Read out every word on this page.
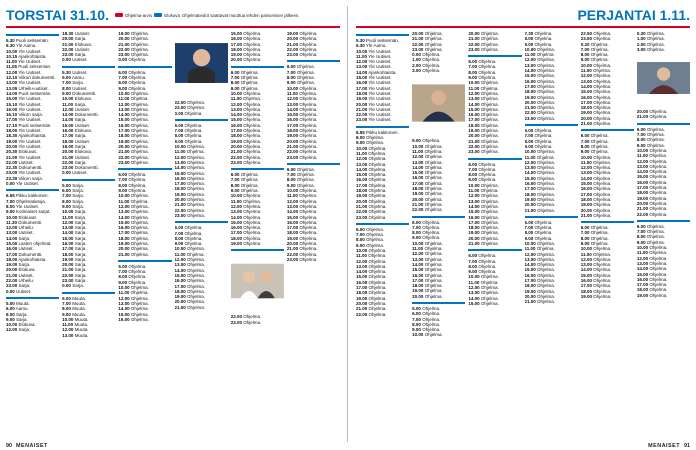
TORSTAI 31.10.	Ohjelma-arvio	Elokuva Ohjelmatiedot saattavat muuttua lehden painumisen jälkeen.
5.30 Puoli seitsemän.
6.30 Yle Aamu.
10.00 Yle Uutiset.
10.15 Ajankohtaista.
11.00 Yle Uutiset.
11.05 Puoli seitsemän.
12.00 Yle Uutiset.
12.10 Viikon dokumentti.
13.00 Yle Uutiset.
13.05 Urheilu-uutiset.
14.00 Puoli seitsemän.
15.00 Yle Uutiset.
15.10 Yle Uutiset.
16.00 Yle Uutiset.
16.10 Viikon sarja.
17.00 Yle Uutiset.
17.10 Puoli seitsemän.
18.00 Yle Uutiset.
18.30 Ajankohtaista.
19.00 Yle Uutiset.
20.00 Yle Uutiset.
20.30 Elokuvat.
21.00 Yle Uutiset.
22.00 Uutiset.
22.30 Dokumentti.
23.00 Yle Uutiset.
23.30 Viikon sarja.
0.00 Yle Uutiset.
6.55 Pikku kakkonen.
7.00 Ohjelmatietoja.
8.00 Yle Uutiset.
9.00 Kotimaiset sarjat.
10.00 Elokuvat.
11.30 Dokumentti.
12.00 Urheilu.
13.00 Uutiset.
14.00 Sarja.
15.00 Lasten ohjelmat.
16.00 Uutiset.
17.00 Dokumentti.
18.00 Ajankohtaista.
19.00 Sarja.
20.00 Elokuva.
21.00 Uutiset.
22.00 Urheilu.
23.00 Sarja.
0.00 Uutiset.
5.00 Muuta.
6.00 Aamu.
8.00 Sarja.
9.00 Sarja.
10.00 Elokuva.
12.00 Sarja.
18.30 Uutiset.
20.00 Sarja.
21.00 Elokuva.
22.00 Uutiset.
23.00 Sarja.
0.00 Uutiset.
5.30 Uutiset.
6.00 Aamu.
7.00 Sarja.
8.00 Uutiset.
9.00 Dokumentti.
10.00 Elokuva.
11.00 Sarja.
12.00 Uutiset.
13.00 Dokumentti.
14.00 Sarja.
15.00 Uutiset.
16.00 Elokuva.
17.00 Sarja.
18.00 Uutiset.
19.00 Sarja.
20.00 Elokuva.
21.00 Uutiset.
22.00 Sarja.
23.00 Dokumentti.
0.00 Uutiset.
5.00 Sarja.
6.00 Sarja.
7.00 Sarja.
8.00 Sarja.
9.00 Sarja.
10.00 Sarja.
11.00 Sarja.
12.00 Sarja.
13.00 Sarja.
14.00 Sarja.
15.00 Sarja.
16.00 Sarja.
17.00 Sarja.
18.00 Sarja.
19.00 Sarja.
20.00 Sarja.
21.00 Sarja.
22.00 Sarja.
23.00 Sarja.
0.00 Sarja.
6.00 Muuta.
7.00 Muuta.
8.00 Muuta.
9.00 Muuta.
10.00 Muuta.
11.00 Muuta.
12.00 Muuta.
13.00 Muuta.
19.00 Ohjelma.
20.00 Ohjelma.
21.00 Ohjelma.
22.00 Ohjelma.
23.00 Ohjelma.
0.00 Ohjelma.
6.00 Ohjelma.
7.00 Ohjelma.
8.00 Ohjelma.
9.00 Ohjelma.
10.00 Ohjelma.
11.00 Ohjelma.
12.00 Ohjelma.
13.00 Ohjelma.
14.00 Ohjelma.
15.00 Ohjelma.
16.00 Ohjelma.
17.00 Ohjelma.
18.00 Ohjelma.
19.00 Ohjelma.
20.00 Ohjelma.
21.00 Ohjelma.
22.00 Ohjelma.
23.00 Ohjelma.
6.00 Ohjelma.
7.00 Ohjelma.
8.00 Ohjelma.
9.00 Ohjelma.
10.00 Ohjelma.
11.00 Ohjelma.
12.00 Ohjelma.
13.00 Ohjelma.
14.00 Ohjelma.
15.00 Ohjelma.
16.00 Ohjelma.
17.00 Ohjelma.
18.00 Ohjelma.
19.00 Ohjelma.
20.00 Ohjelma.
21.00 Ohjelma.
6.00 Ohjelma.
7.00 Ohjelma.
8.00 Ohjelma.
9.00 Ohjelma.
10.00 Ohjelma.
11.00 Ohjelma.
12.00 Ohjelma.
13.00 Ohjelma.
14.00 Ohjelma.
15.00 Ohjelma.
16.00 Ohjelma.
22.00 Ohjelma.
23.00 Ohjelma.
0.00 Ohjelma.
6.00 Ohjelma.
7.00 Ohjelma.
8.00 Ohjelma.
9.00 Ohjelma.
10.00 Ohjelma.
11.00 Ohjelma.
12.00 Ohjelma.
13.00 Ohjelma.
14.00 Ohjelma.
15.00 Ohjelma.
16.00 Ohjelma.
17.00 Ohjelma.
18.00 Ohjelma.
19.00 Ohjelma.
20.00 Ohjelma.
21.00 Ohjelma.
22.00 Ohjelma.
23.00 Ohjelma.
6.00 Ohjelma.
7.00 Ohjelma.
8.00 Ohjelma.
9.00 Ohjelma.
10.00 Ohjelma.
11.00 Ohjelma.
12.00 Ohjelma.
13.00 Ohjelma.
14.00 Ohjelma.
15.00 Ohjelma.
16.00 Ohjelma.
17.00 Ohjelma.
18.00 Ohjelma.
19.00 Ohjelma.
20.00 Ohjelma.
21.00 Ohjelma.
15.00 Ohjelma.
16.00 Ohjelma.
17.00 Ohjelma.
18.00 Ohjelma.
19.00 Ohjelma.
20.00 Ohjelma.
6.00 Ohjelma.
7.00 Ohjelma.
8.00 Ohjelma.
9.00 Ohjelma.
10.00 Ohjelma.
11.00 Ohjelma.
12.00 Ohjelma.
13.00 Ohjelma.
14.00 Ohjelma.
15.00 Ohjelma.
16.00 Ohjelma.
17.00 Ohjelma.
18.00 Ohjelma.
19.00 Ohjelma.
20.00 Ohjelma.
21.00 Ohjelma.
22.00 Ohjelma.
23.00 Ohjelma.
6.00 Ohjelma.
7.00 Ohjelma.
8.00 Ohjelma.
9.00 Ohjelma.
10.00 Ohjelma.
11.00 Ohjelma.
12.00 Ohjelma.
13.00 Ohjelma.
14.00 Ohjelma.
15.00 Ohjelma.
16.00 Ohjelma.
17.00 Ohjelma.
18.00 Ohjelma.
19.00 Ohjelma.
22.00 Ohjelma.
23.00 Ohjelma.
19.00 Ohjelma.
20.00 Ohjelma.
21.00 Ohjelma.
22.00 Ohjelma.
23.00 Ohjelma.
6.00 Ohjelma.
7.00 Ohjelma.
8.00 Ohjelma.
9.00 Ohjelma.
10.00 Ohjelma.
11.00 Ohjelma.
12.00 Ohjelma.
13.00 Ohjelma.
14.00 Ohjelma.
15.00 Ohjelma.
16.00 Ohjelma.
17.00 Ohjelma.
18.00 Ohjelma.
19.00 Ohjelma.
20.00 Ohjelma.
21.00 Ohjelma.
22.00 Ohjelma.
23.00 Ohjelma.
6.00 Ohjelma.
7.00 Ohjelma.
8.00 Ohjelma.
9.00 Ohjelma.
10.00 Ohjelma.
11.00 Ohjelma.
12.00 Ohjelma.
13.00 Ohjelma.
14.00 Ohjelma.
15.00 Ohjelma.
16.00 Ohjelma.
17.00 Ohjelma.
18.00 Ohjelma.
19.00 Ohjelma.
20.00 Ohjelma.
21.00 Ohjelma.
22.00 Ohjelma.
23.00 Ohjelma.
90 MENAISET
PERJANTAI 1.11.
5.30 Puoli seitsemän.
6.30 Yle Aamu.
10.00 Yle Uutiset.
11.00 Yle Uutiset.
12.00 Yle Uutiset.
13.00 Yle Uutiset.
14.00 Ajankohtaista.
15.00 Yle Uutiset.
16.00 Yle Uutiset.
17.00 Yle Uutiset.
18.00 Yle Uutiset.
19.00 Yle Uutiset.
20.00 Yle Uutiset.
21.00 Yle Uutiset.
22.00 Yle Uutiset.
23.00 Yle Uutiset.
6.55 Pikku kakkonen.
8.00 Ohjelma.
9.00 Ohjelma.
10.00 Ohjelma.
11.00 Ohjelma.
12.00 Ohjelma.
13.00 Ohjelma.
14.00 Ohjelma.
15.00 Ohjelma.
16.00 Ohjelma.
17.00 Ohjelma.
18.00 Ohjelma.
19.00 Ohjelma.
20.00 Ohjelma.
21.00 Ohjelma.
22.00 Ohjelma.
23.00 Ohjelma.
6.00 Ohjelma.
7.00 Ohjelma.
8.00 Ohjelma.
9.00 Ohjelma.
10.00 Ohjelma.
11.00 Ohjelma.
12.00 Ohjelma.
13.00 Ohjelma.
14.00 Ohjelma.
15.00 Ohjelma.
16.00 Ohjelma.
17.00 Ohjelma.
18.00 Ohjelma.
19.00 Ohjelma.
20.00 Ohjelma.
21.00 Ohjelma.
22.00 Ohjelma.
20.00 Ohjelma.
21.00 Ohjelma.
22.00 Ohjelma.
23.00 Ohjelma.
0.00 Ohjelma.
1.00 Ohjelma.
2.00 Ohjelma.
3.00 Ohjelma.
9.00 Ohjelma.
10.00 Ohjelma.
11.00 Ohjelma.
12.00 Ohjelma.
13.00 Ohjelma.
14.00 Ohjelma.
15.00 Ohjelma.
16.00 Ohjelma.
17.00 Ohjelma.
18.00 Ohjelma.
19.00 Ohjelma.
20.00 Ohjelma.
21.00 Ohjelma.
22.00 Ohjelma.
6.00 Ohjelma.
7.00 Ohjelma.
8.00 Ohjelma.
9.00 Ohjelma.
10.00 Ohjelma.
11.00 Ohjelma.
12.00 Ohjelma.
13.00 Ohjelma.
14.00 Ohjelma.
15.00 Ohjelma.
16.00 Ohjelma.
17.00 Ohjelma.
18.00 Ohjelma.
19.00 Ohjelma.
20.00 Ohjelma.
5.00 Ohjelma.
6.00 Ohjelma.
7.00 Ohjelma.
8.00 Ohjelma.
9.00 Ohjelma.
10.00 Ohjelma.
20.00 Ohjelma.
21.00 Ohjelma.
22.00 Ohjelma.
23.00 Ohjelma.
6.00 Ohjelma.
7.00 Ohjelma.
8.00 Ohjelma.
9.00 Ohjelma.
10.00 Ohjelma.
11.00 Ohjelma.
12.00 Ohjelma.
13.00 Ohjelma.
14.00 Ohjelma.
15.00 Ohjelma.
16.00 Ohjelma.
17.00 Ohjelma.
18.00 Ohjelma.
19.00 Ohjelma.
20.00 Ohjelma.
21.00 Ohjelma.
22.00 Ohjelma.
23.00 Ohjelma.
6.00 Ohjelma.
7.00 Ohjelma.
8.00 Ohjelma.
9.00 Ohjelma.
10.00 Ohjelma.
11.00 Ohjelma.
12.00 Ohjelma.
13.00 Ohjelma.
14.00 Ohjelma.
15.00 Ohjelma.
16.00 Ohjelma.
17.00 Ohjelma.
18.00 Ohjelma.
19.00 Ohjelma.
20.00 Ohjelma.
21.00 Ohjelma.
6.00 Ohjelma.
7.00 Ohjelma.
8.00 Ohjelma.
9.00 Ohjelma.
10.00 Ohjelma.
11.00 Ohjelma.
12.00 Ohjelma.
13.00 Ohjelma.
14.00 Ohjelma.
15.00 Ohjelma.
7.30 Ohjelma.
8.00 Ohjelma.
9.00 Ohjelma.
10.00 Ohjelma.
11.00 Ohjelma.
12.00 Ohjelma.
13.00 Ohjelma.
14.00 Ohjelma.
15.00 Ohjelma.
16.00 Ohjelma.
17.00 Ohjelma.
18.00 Ohjelma.
19.00 Ohjelma.
20.00 Ohjelma.
21.00 Ohjelma.
22.00 Ohjelma.
23.00 Ohjelma.
6.00 Ohjelma.
7.00 Ohjelma.
8.00 Ohjelma.
9.00 Ohjelma.
10.00 Ohjelma.
11.00 Ohjelma.
12.00 Ohjelma.
13.00 Ohjelma.
14.00 Ohjelma.
15.00 Ohjelma.
16.00 Ohjelma.
17.00 Ohjelma.
18.00 Ohjelma.
19.00 Ohjelma.
20.00 Ohjelma.
21.00 Ohjelma.
6.00 Ohjelma.
7.00 Ohjelma.
8.00 Ohjelma.
9.00 Ohjelma.
10.00 Ohjelma.
11.00 Ohjelma.
12.00 Ohjelma.
13.00 Ohjelma.
14.00 Ohjelma.
15.00 Ohjelma.
16.00 Ohjelma.
17.00 Ohjelma.
18.00 Ohjelma.
19.00 Ohjelma.
20.00 Ohjelma.
21.00 Ohjelma.
22.50 Ohjelma.
23.50 Ohjelma.
0.20 Ohjelma.
7.00 Ohjelma.
8.00 Ohjelma.
9.00 Ohjelma.
10.00 Ohjelma.
11.00 Ohjelma.
12.00 Ohjelma.
13.00 Ohjelma.
14.00 Ohjelma.
15.00 Ohjelma.
16.00 Ohjelma.
17.00 Ohjelma.
18.00 Ohjelma.
19.00 Ohjelma.
20.00 Ohjelma.
21.00 Ohjelma.
6.00 Ohjelma.
7.00 Ohjelma.
8.00 Ohjelma.
9.00 Ohjelma.
10.00 Ohjelma.
11.00 Ohjelma.
12.00 Ohjelma.
13.00 Ohjelma.
14.00 Ohjelma.
15.00 Ohjelma.
16.00 Ohjelma.
17.00 Ohjelma.
18.00 Ohjelma.
19.00 Ohjelma.
20.00 Ohjelma.
21.00 Ohjelma.
6.00 Ohjelma.
7.00 Ohjelma.
8.00 Ohjelma.
9.00 Ohjelma.
10.00 Ohjelma.
11.00 Ohjelma.
12.00 Ohjelma.
13.00 Ohjelma.
14.00 Ohjelma.
15.00 Ohjelma.
16.00 Ohjelma.
17.00 Ohjelma.
18.00 Ohjelma.
19.00 Ohjelma.
0.30 Ohjelma.
1.00 Ohjelma.
2.00 Ohjelma.
3.00 Ohjelma.
20.00 Ohjelma.
21.00 Ohjelma.
6.00 Ohjelma.
7.00 Ohjelma.
8.00 Ohjelma.
9.00 Ohjelma.
10.00 Ohjelma.
11.00 Ohjelma.
12.00 Ohjelma.
13.00 Ohjelma.
14.00 Ohjelma.
15.00 Ohjelma.
16.00 Ohjelma.
17.00 Ohjelma.
18.00 Ohjelma.
19.00 Ohjelma.
20.00 Ohjelma.
21.00 Ohjelma.
22.00 Ohjelma.
6.00 Ohjelma.
7.00 Ohjelma.
8.00 Ohjelma.
9.00 Ohjelma.
10.00 Ohjelma.
11.00 Ohjelma.
12.00 Ohjelma.
13.00 Ohjelma.
14.00 Ohjelma.
15.00 Ohjelma.
16.00 Ohjelma.
17.00 Ohjelma.
18.00 Ohjelma.
19.00 Ohjelma.
MENAISET 91
